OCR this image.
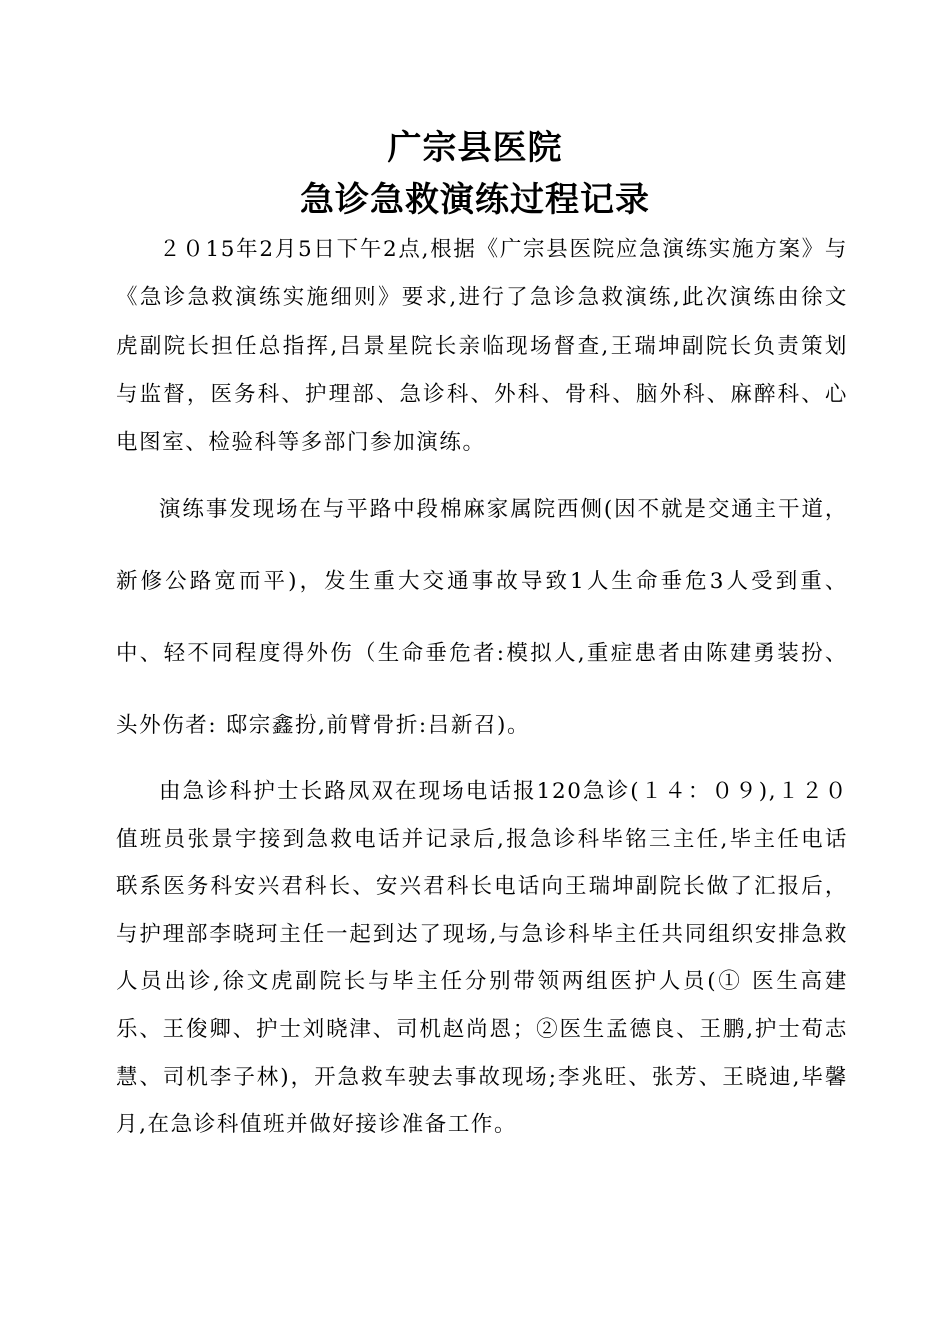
广宗县医院
急诊急救演练过程记录

２０15年2月5日下午2点,根据《广宗县医院应急演练实施方案》与《急诊急救演练实施细则》要求,进行了急诊急救演练,此次演练由徐文虎副院长担任总指挥,吕景星院长亲临现场督查,王瑞坤副院长负责策划与监督，医务科、护理部、急诊科、外科、骨科、脑外科、麻醉科、心电图室、检验科等多部门参加演练。

演练事发现场在与平路中段棉麻家属院西侧(因不就是交通主干道，新修公路宽而平)，发生重大交通事故导致1人生命垂危3人受到重、中、轻不同程度得外伤（生命垂危者:模拟人,重症患者由陈建勇装扮、头外伤者: 邸宗鑫扮,前臂骨折:吕新召)。

由急诊科护士长路凤双在现场电话报120急诊(１４：０９),１２０值班员张景宇接到急救电话并记录后,报急诊科毕铭三主任,毕主任电话联系医务科安兴君科长、安兴君科长电话向王瑞坤副院长做了汇报后，与护理部李晓珂主任一起到达了现场,与急诊科毕主任共同组织安排急救人员出诊,徐文虎副院长与毕主任分别带领两组医护人员(① 医生高建乐、王俊卿、护士刘晓津、司机赵尚恩；②医生孟德良、王鹏,护士荀志慧、司机李子林)，开急救车驶去事故现场;李兆旺、张芳、王晓迪,毕馨月,在急诊科值班并做好接诊准备工作。
